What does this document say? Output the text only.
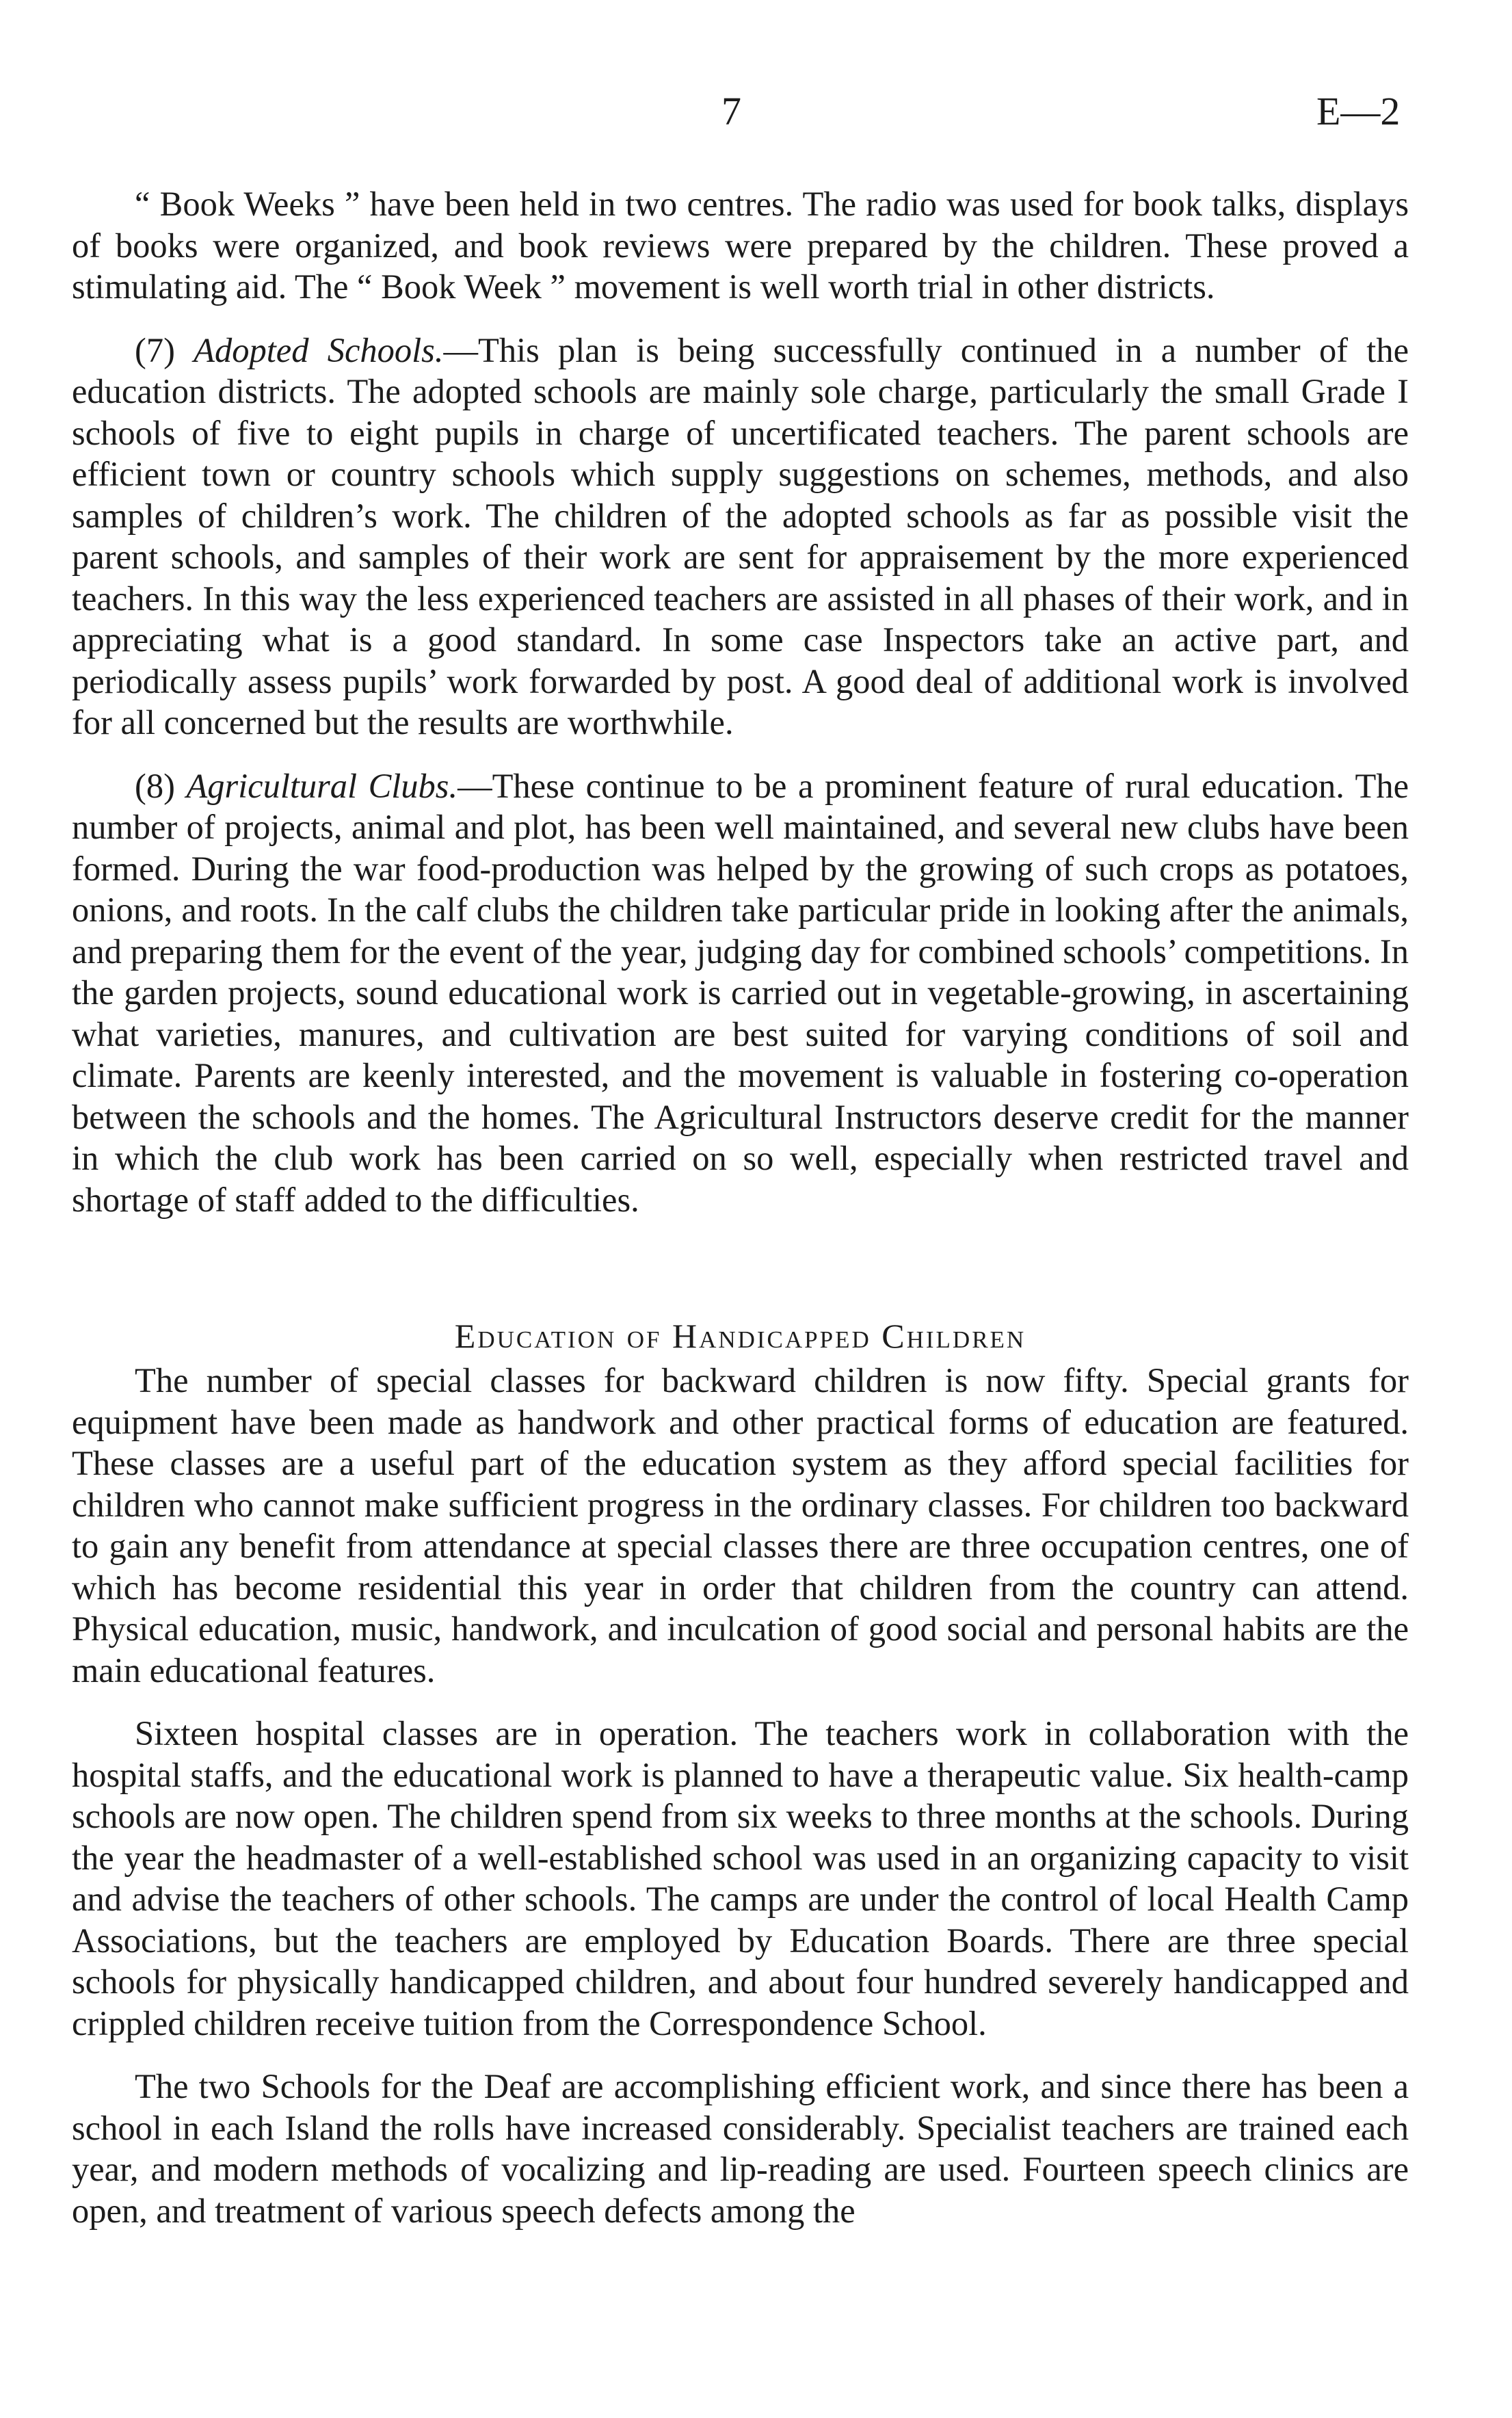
7	E—2

“ Book Weeks ” have been held in two centres. The radio was used for book talks, displays of books were organized, and book reviews were prepared by the children. These proved a stimulating aid. The “ Book Week ” movement is well worth trial in other districts.

(7) Adopted Schools.—This plan is being successfully continued in a number of the education districts. The adopted schools are mainly sole charge, particularly the small Grade I schools of five to eight pupils in charge of uncertificated teachers. The parent schools are efficient town or country schools which supply suggestions on schemes, methods, and also samples of children’s work. The children of the adopted schools as far as possible visit the parent schools, and samples of their work are sent for appraisement by the more experienced teachers. In this way the less experienced teachers are assisted in all phases of their work, and in appreciating what is a good standard. In some case Inspectors take an active part, and periodically assess pupils’ work forwarded by post. A good deal of additional work is involved for all concerned but the results are worthwhile.

(8) Agricultural Clubs.—These continue to be a prominent feature of rural education. The number of projects, animal and plot, has been well maintained, and several new clubs have been formed. During the war food-production was helped by the growing of such crops as potatoes, onions, and roots. In the calf clubs the children take particular pride in looking after the animals, and preparing them for the event of the year, judging day for combined schools’ competitions. In the garden projects, sound educational work is carried out in vegetable-growing, in ascertaining what varieties, manures, and cultivation are best suited for varying conditions of soil and climate. Parents are keenly interested, and the movement is valuable in fostering co-operation between the schools and the homes. The Agricultural Instructors deserve credit for the manner in which the club work has been carried on so well, especially when restricted travel and shortage of staff added to the difficulties.

Education of Handicapped Children

The number of special classes for backward children is now fifty. Special grants for equipment have been made as handwork and other practical forms of education are featured. These classes are a useful part of the education system as they afford special facilities for children who cannot make sufficient progress in the ordinary classes. For children too backward to gain any benefit from attendance at special classes there are three occupation centres, one of which has become residential this year in order that children from the country can attend. Physical education, music, handwork, and inculcation of good social and personal habits are the main educational features.

Sixteen hospital classes are in operation. The teachers work in collaboration with the hospital staffs, and the educational work is planned to have a therapeutic value. Six health-camp schools are now open. The children spend from six weeks to three months at the schools. During the year the headmaster of a well-established school was used in an organizing capacity to visit and advise the teachers of other schools. The camps are under the control of local Health Camp Associations, but the teachers are employed by Education Boards. There are three special schools for physically handicapped children, and about four hundred severely handicapped and crippled children receive tuition from the Correspondence School.

The two Schools for the Deaf are accomplishing efficient work, and since there has been a school in each Island the rolls have increased considerably. Specialist teachers are trained each year, and modern methods of vocalizing and lip-reading are used. Fourteen speech clinics are open, and treatment of various speech defects among the
